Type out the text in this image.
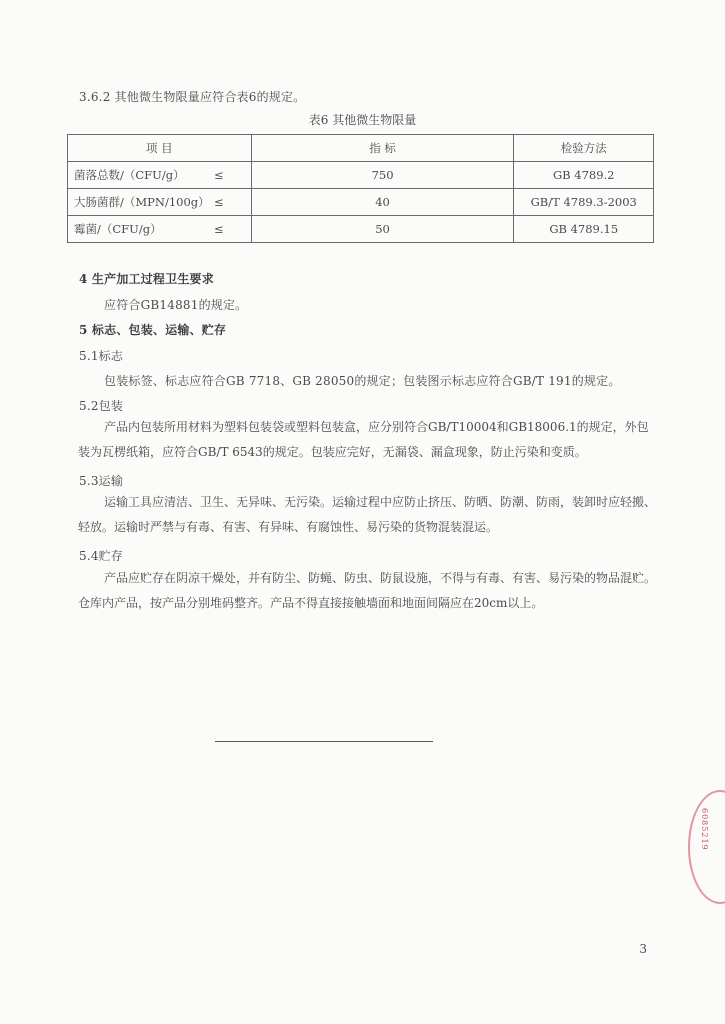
3.6.2 其他微生物限量应符合表6的规定。
表6 其他微生物限量
项 目	指 标	检验方法
菌落总数/（CFU/g） ≤	750	GB 4789.2
大肠菌群/（MPN/100g） ≤	40	GB/T 4789.3-2003
霉菌/（CFU/g） ≤	50	GB 4789.15
4 生产加工过程卫生要求
应符合GB14881的规定。
5 标志、包装、运输、贮存
5.1标志
包装标签、标志应符合GB 7718、GB 28050的规定；包装图示标志应符合GB/T 191的规定。
5.2包装
产品内包装所用材料为塑料包装袋或塑料包装盒，应分别符合GB/T10004和GB18006.1的规定，外包装为瓦楞纸箱，应符合GB/T 6543的规定。包装应完好，无漏袋、漏盒现象，防止污染和变质。
5.3运输
运输工具应清洁、卫生、无异味、无污染。运输过程中应防止挤压、防晒、防潮、防雨，装卸时应轻搬、轻放。运输时严禁与有毒、有害、有异味、有腐蚀性、易污染的货物混装混运。
5.4贮存
产品应贮存在阴凉干燥处，并有防尘、防蝇、防虫、防鼠设施，不得与有毒、有害、易污染的物品混贮。仓库内产品，按产品分别堆码整齐。产品不得直接接触墙面和地面间隔应在20cm以上。
6085219
3
